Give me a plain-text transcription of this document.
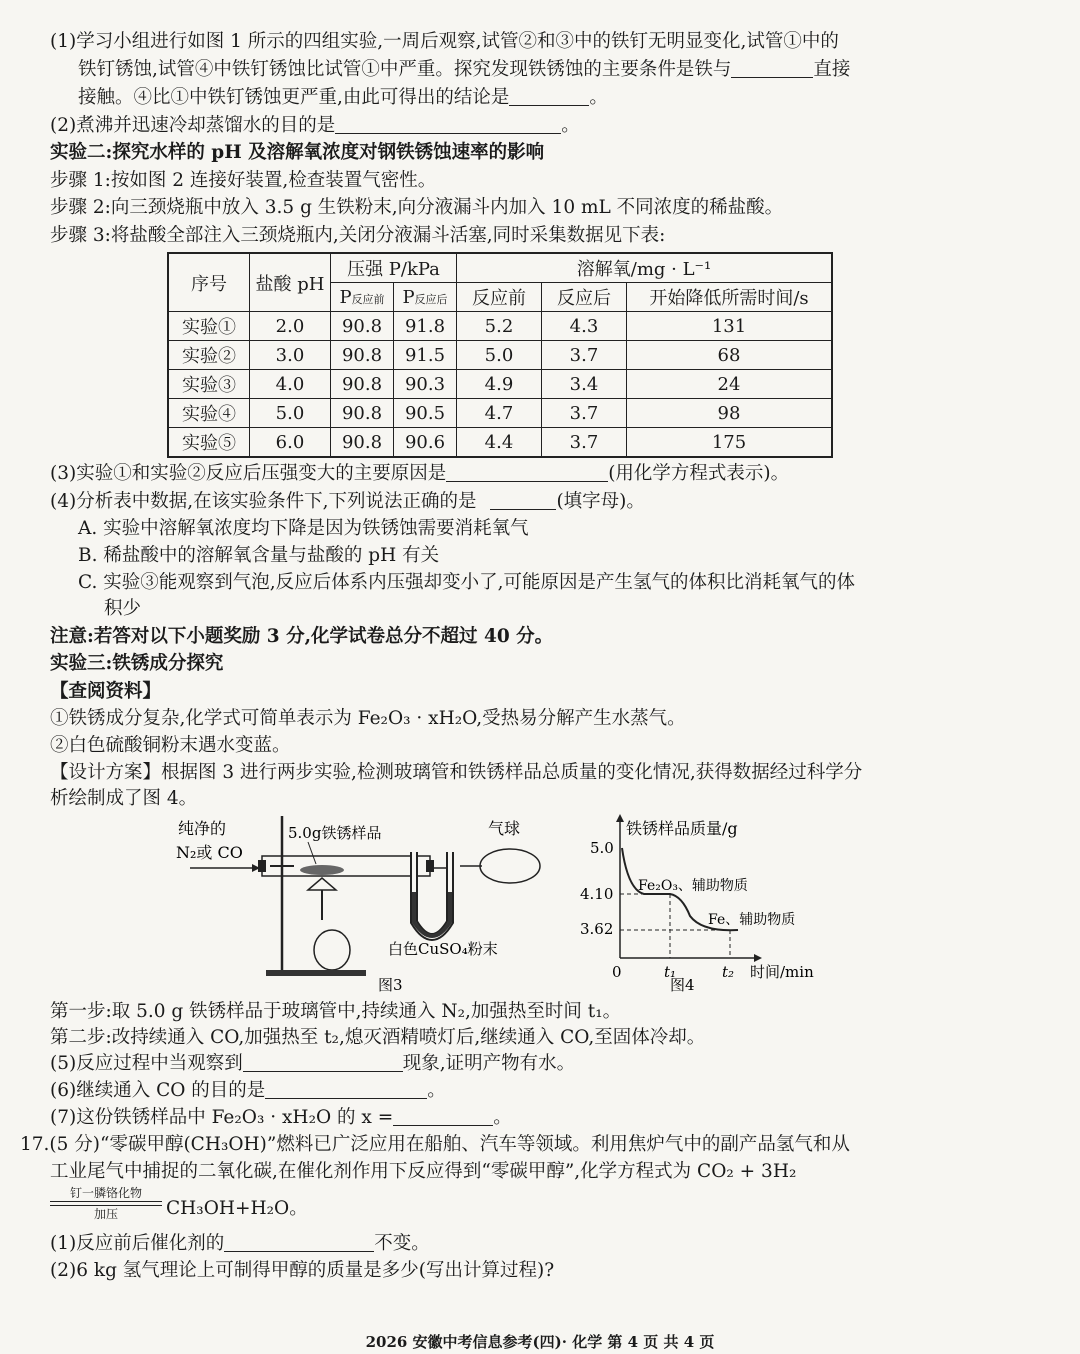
(1)学习小组进行如图 1 所示的四组实验,一周后观察,试管②和③中的铁钉无明显变化,试管①中的
铁钉锈蚀,试管④中铁钉锈蚀比试管①中严重。探究发现铁锈蚀的主要条件是铁与	直接
接触。④比①中铁钉锈蚀更严重,由此可得出的结论是	。
(2)煮沸并迅速冷却蒸馏水的目的是	。
实验二:探究水样的 pH 及溶解氧浓度对钢铁锈蚀速率的影响
步骤 1:按如图 2 连接好装置,检查装置气密性。
步骤 2:向三颈烧瓶中放入 3.5 g 生铁粉末,向分液漏斗内加入 10 mL 不同浓度的稀盐酸。
步骤 3:将盐酸全部注入三颈烧瓶内,关闭分液漏斗活塞,同时采集数据见下表:
序号	盐酸 pH	压强 P/kPa		溶解氧/mg · L⁻¹		
		P反应前	P反应后	反应前	反应后	开始降低所需时间/s
实验①	2.0	90.8	91.8	5.2	4.3	131
实验②	3.0	90.8	91.5	5.0	3.7	68
实验③	4.0	90.8	90.3	4.9	3.4	24
实验④	5.0	90.8	90.5	4.7	3.7	98
实验⑤	6.0	90.8	90.6	4.4	3.7	175
(3)实验①和实验②反应后压强变大的主要原因是	(用化学方程式表示)。
(4)分析表中数据,在该实验条件下,下列说法正确的是	(填字母)。
A. 实验中溶解氧浓度均下降是因为铁锈蚀需要消耗氧气
B. 稀盐酸中的溶解氧含量与盐酸的 pH 有关
C. 实验③能观察到气泡,反应后体系内压强却变小了,可能原因是产生氢气的体积比消耗氧气的体
积少
注意:若答对以下小题奖励 3 分,化学试卷总分不超过 40 分。
实验三:铁锈成分探究
【查阅资料】
①铁锈成分复杂,化学式可简单表示为 Fe₂O₃ · xH₂O,受热易分解产生水蒸气。
②白色硫酸铜粉末遇水变蓝。
【设计方案】根据图 3 进行两步实验,检测玻璃管和铁锈样品总质量的变化情况,获得数据经过科学分
析绘制成了图 4。
纯净的
N₂或 CO
5.0g铁锈样品	气球
白色CuSO₄粉末
图3
铁锈样品质量/g
5.0
4.10
3.62
0	t₁	t₂ 时间/min
Fe₂O₃、辅助物质
Fe、辅助物质
图4
第一步:取 5.0 g 铁锈样品于玻璃管中,持续通入 N₂,加强热至时间 t₁。
第二步:改持续通入 CO,加强热至 t₂,熄灭酒精喷灯后,继续通入 CO,至固体冷却。
(5)反应过程中当观察到	现象,证明产物有水。
(6)继续通入 CO 的目的是	。
(7)这份铁锈样品中 Fe₂O₃ · xH₂O 的 x =	。
17.(5 分)“零碳甲醇(CH₃OH)”燃料已广泛应用在船舶、汽车等领域。利用焦炉气中的副产品氢气和从
工业尾气中捕捉的二氧化碳,在催化剂作用下反应得到“零碳甲醇”,化学方程式为 CO₂ + 3H₂
钉一膦铬化物
加压	CH₃OH+H₂O。
(1)反应前后催化剂的	不变。
(2)6 kg 氢气理论上可制得甲醇的质量是多少(写出计算过程)?
2026 安徽中考信息参考(四)· 化学 第 4 页 共 4 页
